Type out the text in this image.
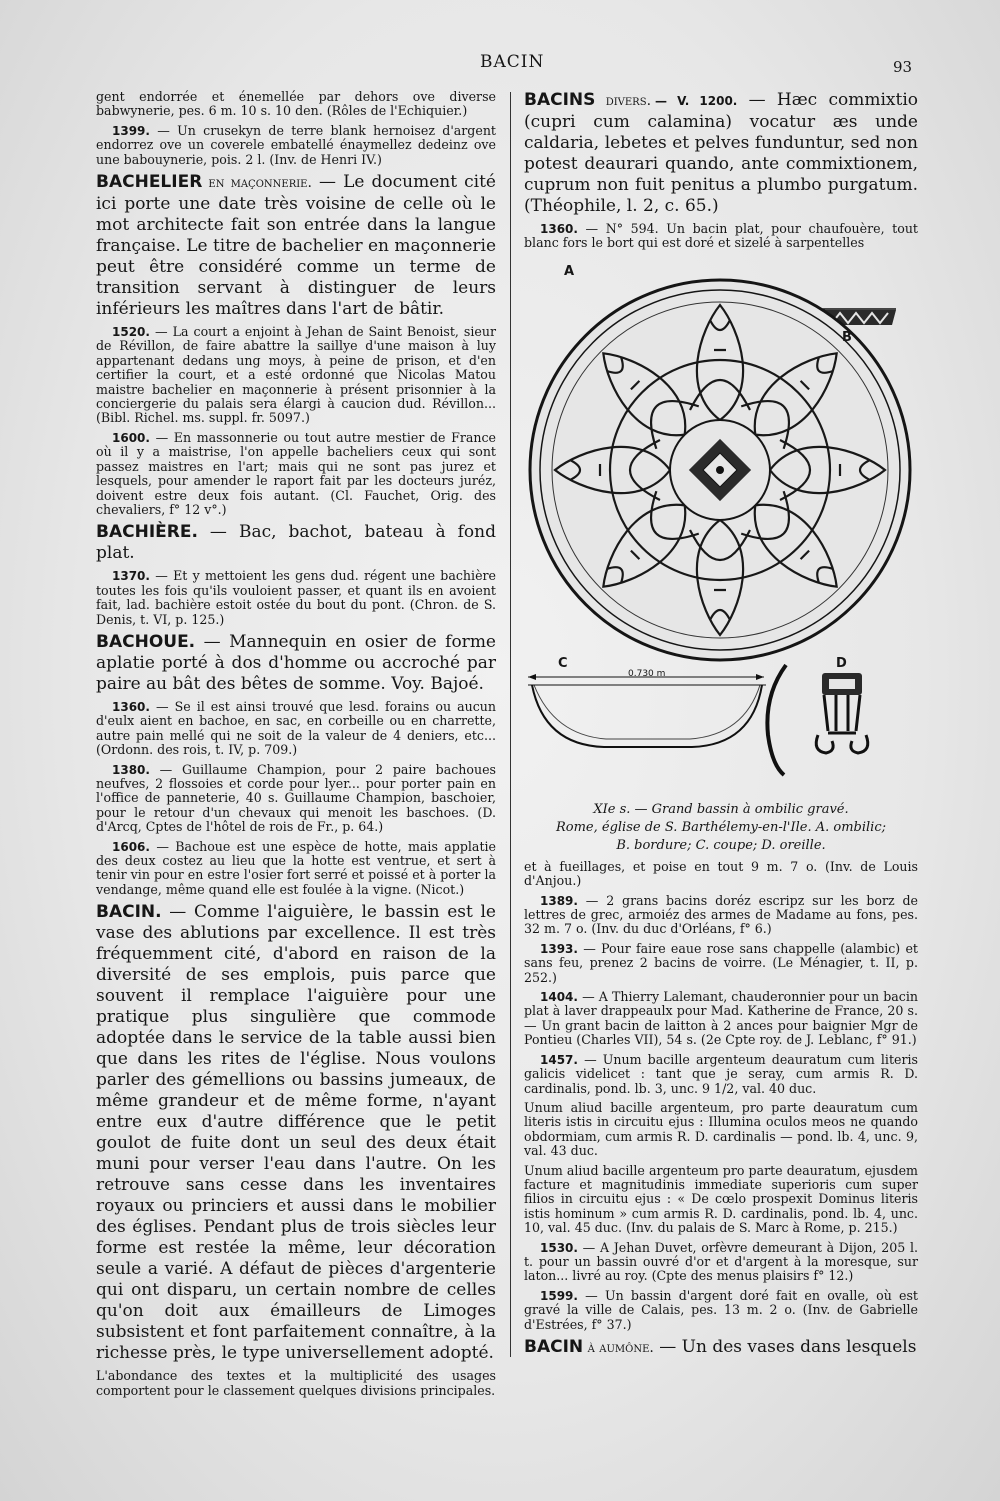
BACIN	93

gent endorrée et énemellée par dehors ove diverse babwynerie, pes. 6 m. 10 s. 10 den. (Rôles de l'Echiquier.)

1399. — Un crusekyn de terre blank hernoisez d'argent endorrez ove un coverele embatellé énaymellez dedeinz ove une babouynerie, pois. 2 l. (Inv. de Henri IV.)

BACHELIER en maçonnerie. — Le document cité ici porte une date très voisine de celle où le mot architecte fait son entrée dans la langue française. Le titre de bachelier en maçonnerie peut être considéré comme un terme de transition servant à distinguer de leurs inférieurs les maîtres dans l'art de bâtir.

1520. — La court a enjoint à Jehan de Saint Benoist, sieur de Révillon, de faire abattre la saillye d'une maison à luy appartenant dedans ung moys, à peine de prison, et d'en certifier la court, et a esté ordonné que Nicolas Matou maistre bachelier en maçonnerie à présent prisonnier à la conciergerie du palais sera élargi à caucion dud. Révillon... (Bibl. Richel. ms. suppl. fr. 5097.)

1600. — En massonnerie ou tout autre mestier de France où il y a maistrise, l'on appelle bacheliers ceux qui sont passez maistres en l'art; mais qui ne sont pas jurez et lesquels, pour amender le raport fait par les docteurs juréz, doivent estre deux fois autant. (Cl. Fauchet, Orig. des chevaliers, f° 12 v°.)

BACHIÈRE. — Bac, bachot, bateau à fond plat.

1370. — Et y mettoient les gens dud. régent une bachière toutes les fois qu'ils vouloient passer, et quant ils en avoient fait, lad. bachière estoit ostée du bout du pont. (Chron. de S. Denis, t. VI, p. 125.)

BACHOUE. — Mannequin en osier de forme aplatie porté à dos d'homme ou accroché par paire au bât des bêtes de somme. Voy. Bajoé.

1360. — Se il est ainsi trouvé que lesd. forains ou aucun d'eulx aient en bachoe, en sac, en corbeille ou en charrette, autre pain mellé qui ne soit de la valeur de 4 deniers, etc... (Ordonn. des rois, t. IV, p. 709.)

1380. — Guillaume Champion, pour 2 paire bachoues neufves, 2 flossoies et corde pour lyer... pour porter pain en l'office de panneterie, 40 s. Guillaume Champion, baschoier, pour le retour d'un chevaux qui menoit les baschoes. (D. d'Arcq, Cptes de l'hôtel de rois de Fr., p. 64.)

1606. — Bachoue est une espèce de hotte, mais applatie des deux costez au lieu que la hotte est ventrue, et sert à tenir vin pour en estre l'osier fort serré et poissé et à porter la vendange, même quand elle est foulée à la vigne. (Nicot.)

BACIN. — Comme l'aiguière, le bassin est le vase des ablutions par excellence. Il est très fréquemment cité, d'abord en raison de la diversité de ses emplois, puis parce que souvent il remplace l'aiguière pour une pratique plus singulière que commode adoptée dans le service de la table aussi bien que dans les rites de l'église. Nous voulons parler des gémellions ou bassins jumeaux, de même grandeur et de même forme, n'ayant entre eux d'autre différence que le petit goulot de fuite dont un seul des deux était muni pour verser l'eau dans l'autre. On les retrouve sans cesse dans les inventaires royaux ou princiers et aussi dans le mobilier des églises. Pendant plus de trois siècles leur forme est restée la même, leur décoration seule a varié. A défaut de pièces d'argenterie qui ont disparu, un certain nombre de celles qu'on doit aux émailleurs de Limoges subsistent et font parfaitement connaître, à la richesse près, le type universellement adopté.

L'abondance des textes et la multiplicité des usages comportent pour le classement quelques divisions principales.

BACINS divers. — V. 1200. — Hæc commixtio (cupri cum calamina) vocatur æs unde caldaria, lebetes et pelves funduntur, sed non potest deaurari quando, ante commixtionem, cuprum non fuit penitus a plumbo purgatum. (Théophile, l. 2, c. 65.)

1360. — N° 594. Un bacin plat, pour chaufouère, tout blanc fors le bort qui est doré et sizelé à sarpentelles

A
B
C	D
0.730 m

XIe s. — Grand bassin à ombilic gravé.
Rome, église de S. Barthélemy-en-l'Ile. A. ombilic;
B. bordure; C. coupe; D. oreille.

et à fueillages, et poise en tout 9 m. 7 o. (Inv. de Louis d'Anjou.)

1389. — 2 grans bacins doréz escripz sur les borz de lettres de grec, armoiéz des armes de Madame au fons, pes. 32 m. 7 o. (Inv. du duc d'Orléans, f° 6.)

1393. — Pour faire eaue rose sans chappelle (alambic) et sans feu, prenez 2 bacins de voirre. (Le Ménagier, t. II, p. 252.)

1404. — A Thierry Lalemant, chauderonnier pour un bacin plat à laver drappeaulx pour Mad. Katherine de France, 20 s. — Un grant bacin de laitton à 2 ances pour baignier Mgr de Pontieu (Charles VII), 54 s. (2e Cpte roy. de J. Leblanc, f° 91.)

1457. — Unum bacille argenteum deauratum cum literis galicis videlicet : tant que je seray, cum armis R. D. cardinalis, pond. lb. 3, unc. 9 1/2, val. 40 duc.

Unum aliud bacille argenteum, pro parte deauratum cum literis istis in circuitu ejus : Illumina oculos meos ne quando obdormiam, cum armis R. D. cardinalis — pond. lb. 4, unc. 9, val. 43 duc.

Unum aliud bacille argenteum pro parte deauratum, ejusdem facture et magnitudinis immediate superioris cum super filios in circuitu ejus : « De cœlo prospexit Dominus literis istis hominum » cum armis R. D. cardinalis, pond. lb. 4, unc. 10, val. 45 duc. (Inv. du palais de S. Marc à Rome, p. 215.)

1530. — A Jehan Duvet, orfèvre demeurant à Dijon, 205 l. t. pour un bassin ouvré d'or et d'argent à la moresque, sur laton... livré au roy. (Cpte des menus plaisirs f° 12.)

1599. — Un bassin d'argent doré fait en ovalle, où est gravé la ville de Calais, pes. 13 m. 2 o. (Inv. de Gabrielle d'Estrées, f° 37.)

BACIN à aumône. — Un des vases dans lesquels
